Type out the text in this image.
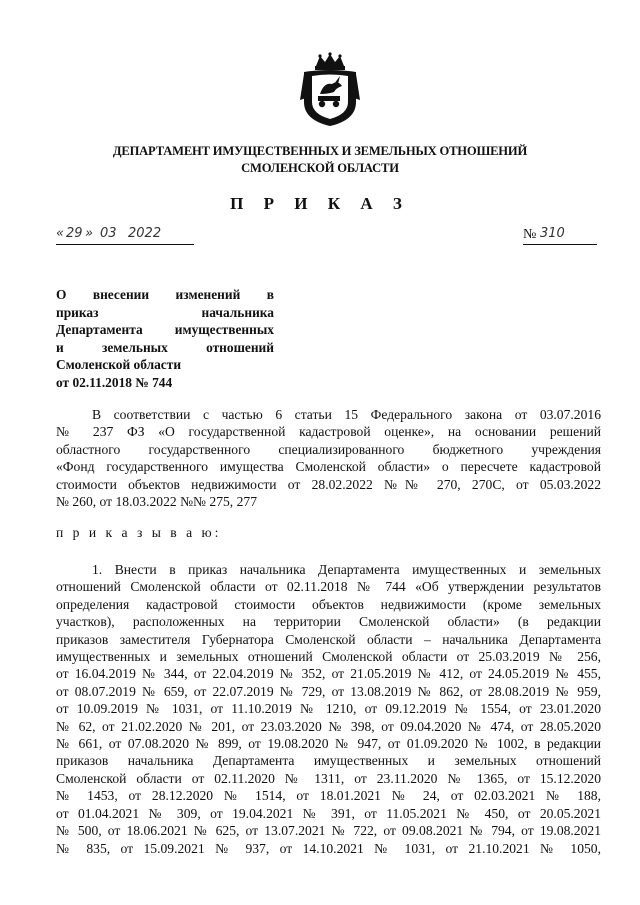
ДЕПАРТАМЕНТ ИМУЩЕСТВЕННЫХ И ЗЕМЕЛЬНЫХ ОТНОШЕНИЙ
СМОЛЕНСКОЙ ОБЛАСТИ
П Р И К А З
« 29 » 03 2022	№ 310
О внесении изменений в
приказ начальника
Департамента имущественных
и земельных отношений
Смоленской области
от 02.11.2018 № 744
В соответствии с частью 6 статьи 15 Федерального закона от 03.07.2016
№ 237 ФЗ «О государственной кадастровой оценке», на основании решений
областного государственного специализированного бюджетного учреждения
«Фонд государственного имущества Смоленской области» о пересчете кадастровой
стоимости объектов недвижимости от 28.02.2022 №№ 270, 270С, от 05.03.2022
№ 260, от 18.03.2022 №№ 275, 277
п р и к а з ы в а ю:
1. Внести в приказ начальника Департамента имущественных и земельных
отношений Смоленской области от 02.11.2018 № 744 «Об утверждении результатов
определения кадастровой стоимости объектов недвижимости (кроме земельных
участков), расположенных на территории Смоленской области» (в редакции
приказов заместителя Губернатора Смоленской области – начальника Департамента
имущественных и земельных отношений Смоленской области от 25.03.2019 № 256,
от 16.04.2019 № 344, от 22.04.2019 № 352, от 21.05.2019 № 412, от 24.05.2019 № 455,
от 08.07.2019 № 659, от 22.07.2019 № 729, от 13.08.2019 № 862, от 28.08.2019 № 959,
от 10.09.2019 № 1031, от 11.10.2019 № 1210, от 09.12.2019 № 1554, от 23.01.2020
№ 62, от 21.02.2020 № 201, от 23.03.2020 № 398, от 09.04.2020 № 474, от 28.05.2020
№ 661, от 07.08.2020 № 899, от 19.08.2020 № 947, от 01.09.2020 № 1002, в редакции
приказов начальника Департамента имущественных и земельных отношений
Смоленской области от 02.11.2020 № 1311, от 23.11.2020 № 1365, от 15.12.2020
№ 1453, от 28.12.2020 № 1514, от 18.01.2021 № 24, от 02.03.2021 № 188,
от 01.04.2021 № 309, от 19.04.2021 № 391, от 11.05.2021 № 450, от 20.05.2021
№ 500, от 18.06.2021 № 625, от 13.07.2021 № 722, от 09.08.2021 № 794, от 19.08.2021
№ 835, от 15.09.2021 № 937, от 14.10.2021 № 1031, от 21.10.2021 № 1050,
